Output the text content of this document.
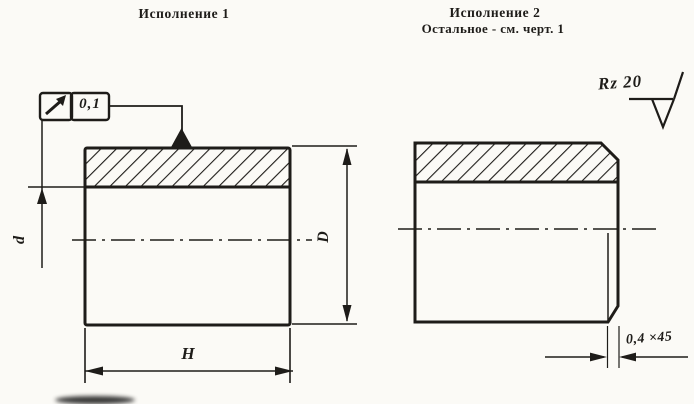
Исполнение 1	Исполнение 2
Остальное - см. черт. 1
0,1
Rz 20
0,4 ×45
H
D
d
